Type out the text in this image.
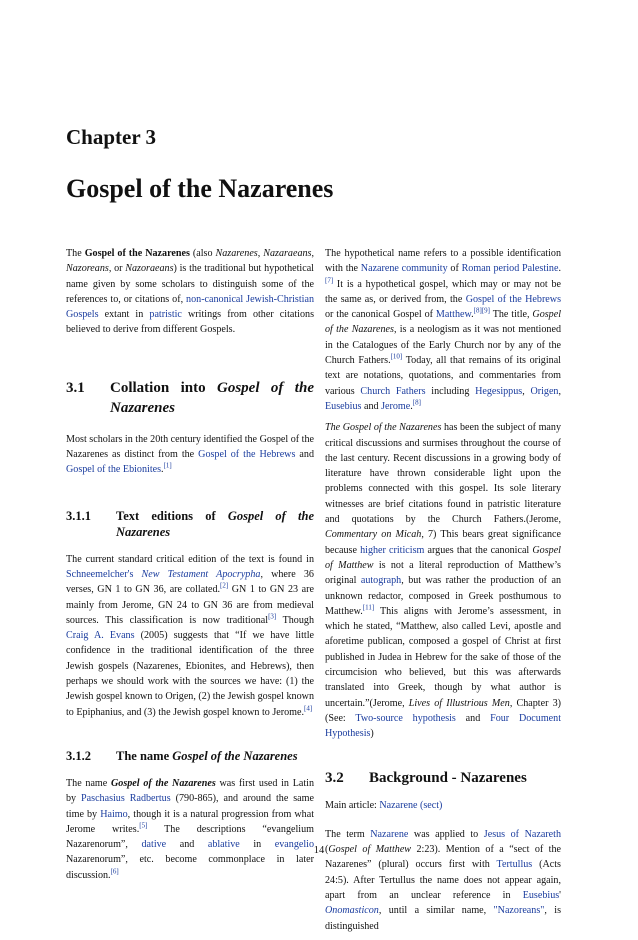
Chapter 3
Gospel of the Nazarenes

The Gospel of the Nazarenes (also Nazarenes, Nazaraeans, Nazoreans, or Nazoraeans) is the traditional but hypothetical name given by some scholars to distinguish some of the references to, or citations of, non-canonical Jewish-Christian Gospels extant in patristic writings from other citations believed to derive from different Gospels.

3.1	Collation into Gospel of the Nazarenes

Most scholars in the 20th century identified the Gospel of the Nazarenes as distinct from the Gospel of the Hebrews and Gospel of the Ebionites.[1]

3.1.1	Text editions of Gospel of the Nazarenes

The current standard critical edition of the text is found in Schneemelcher's New Testament Apocrypha, where 36 verses, GN 1 to GN 36, are collated.[2] GN 1 to GN 23 are mainly from Jerome, GN 24 to GN 36 are from medieval sources. This classification is now traditional[3] Though Craig A. Evans (2005) suggests that “If we have little confidence in the traditional identification of the three Jewish gospels (Nazarenes, Ebionites, and Hebrews), then perhaps we should work with the sources we have: (1) the Jewish gospel known to Origen, (2) the Jewish gospel known to Epiphanius, and (3) the Jewish gospel known to Jerome.[4]

3.1.2	The name Gospel of the Nazarenes

The name Gospel of the Nazarenes was first used in Latin by Paschasius Radbertus (790-865), and around the same time by Haimo, though it is a natural progression from what Jerome writes.[5] The descriptions “evangelium Nazarenorum”, dative and ablative in evangelio Nazarenorum”, etc. become commonplace in later discussion.[6]

The hypothetical name refers to a possible identification with the Nazarene community of Roman period Palestine.[7] It is a hypothetical gospel, which may or may not be the same as, or derived from, the Gospel of the Hebrews or the canonical Gospel of Matthew.[8][9] The title, Gospel of the Nazarenes, is a neologism as it was not mentioned in the Catalogues of the Early Church nor by any of the Church Fathers.[10] Today, all that remains of its original text are notations, quotations, and commentaries from various Church Fathers including Hegesippus, Origen, Eusebius and Jerome.[8]

The Gospel of the Nazarenes has been the subject of many critical discussions and surmises throughout the course of the last century. Recent discussions in a growing body of literature have thrown considerable light upon the problems connected with this gospel. Its sole literary witnesses are brief citations found in patristic literature and quotations by the Church Fathers.(Jerome, Commentary on Micah, 7) This bears great significance because higher criticism argues that the canonical Gospel of Matthew is not a literal reproduction of Matthew’s original autograph, but was rather the production of an unknown redactor, composed in Greek posthumous to Matthew.[11] This aligns with Jerome’s assessment, in which he stated, “Matthew, also called Levi, apostle and aforetime publican, composed a gospel of Christ at first published in Judea in Hebrew for the sake of those of the circumcision who believed, but this was afterwards translated into Greek, though by what author is uncertain.”(Jerome, Lives of Illustrious Men, Chapter 3) (See: Two-source hypothesis and Four Document Hypothesis)

3.2	Background - Nazarenes

Main article: Nazarene (sect)

The term Nazarene was applied to Jesus of Nazareth (Gospel of Matthew 2:23). Mention of a “sect of the Nazarenes” (plural) occurs first with Tertullus (Acts 24:5). After Tertullus the name does not appear again, apart from an unclear reference in Eusebius' Onomasticon, until a similar name, "Nazoreans", is distinguished

14
